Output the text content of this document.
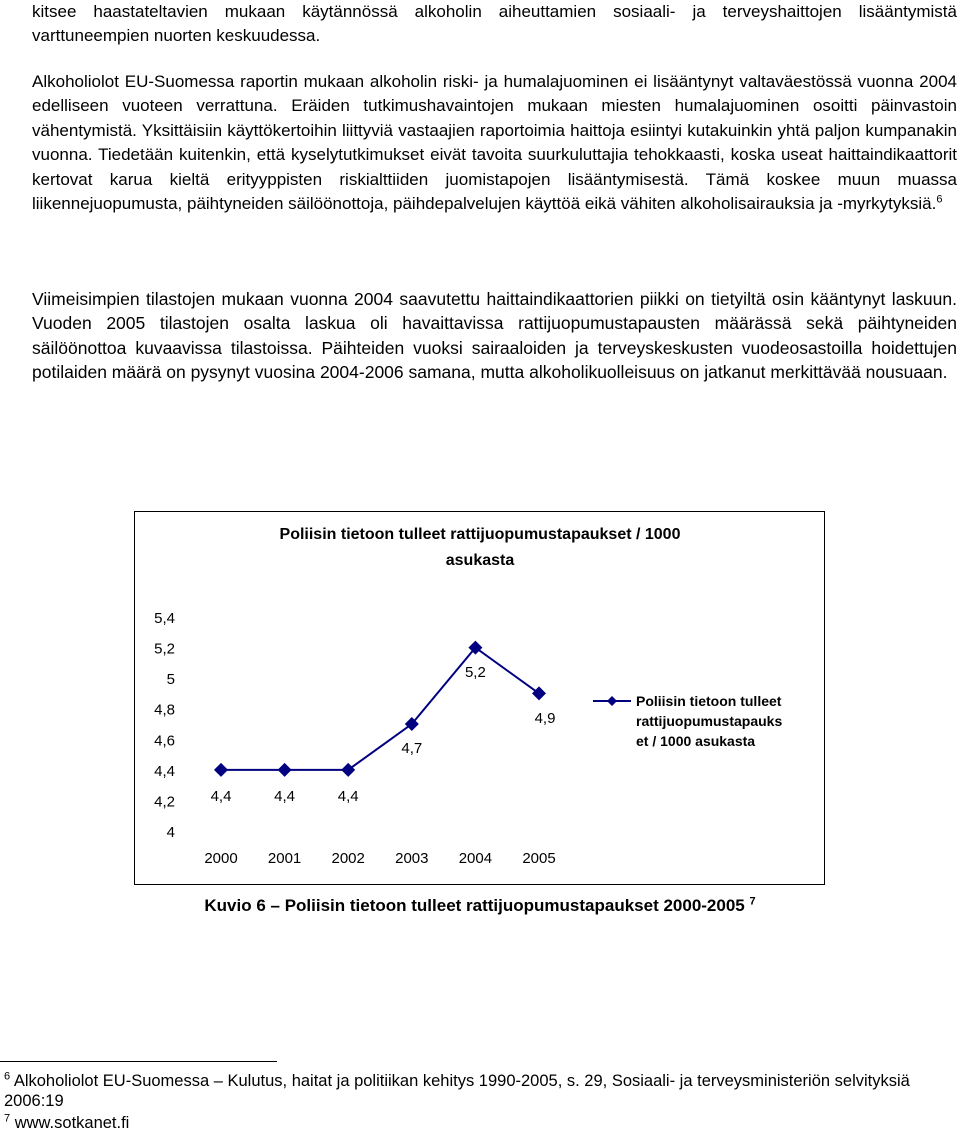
kitsee haastateltavien mukaan käytännössä alkoholin aiheuttamien sosiaali- ja terveyshaittojen lisääntymistä varttuneempien nuorten keskuudessa.
Alkoholiolot EU-Suomessa raportin mukaan alkoholin riski- ja humalajuominen ei lisääntynyt valtaväestössä vuonna 2004 edelliseen vuoteen verrattuna. Eräiden tutkimushavaintojen mukaan miesten humalajuominen osoitti päinvastoin vähentymistä. Yksittäisiin käyttökertoihin liittyviä vastaajien raportoimia haittoja esiintyi kutakuinkin yhtä paljon kumpanakin vuonna. Tiedetään kuitenkin, että kyselytutkimukset eivät tavoita suurkuluttajia tehokkaasti, koska useat haittaindikaattorit kertovat karua kieltä erityyppisten riskialttiiden juomistapojen lisääntymisestä. Tämä koskee muun muassa liikennejuopumusta, päihtyneiden säilöönottoja, päihdepalvelujen käyttöä eikä vähiten alkoholisairauksia ja -myrkytyksiä.$^6$
Viimeisimpien tilastojen mukaan vuonna 2004 saavutettu haittaindikaattorien piikki on tietyiltä osin kääntynyt laskuun. Vuoden 2005 tilastojen osalta laskua oli havaittavissa rattijuopumustapausten määrässä sekä päihtyneiden säilöönottoa kuvaavissa tilastoissa. Päihteiden vuoksi sairaaloiden ja terveyskeskusten vuodeosastoilla hoidettujen potilaiden määrä on pysynyt vuosina 2004-2006 samana, mutta alkoholikuolleisuus on jatkanut merkittävää nousuaan.
Poliisin tietoon tulleet rattijuopumustapaukset / 1000
asukasta
5,4
5,2
5
4,8
4,6
4,4
4,2
4
2000 2001 2002 2003 2004 2005
4,4	4,4	4,4
4,7
5,2
4,9
Poliisin tietoon tulleet
rattijuopumustapauks
et / 1000 asukasta
Kuvio 6 – Poliisin tietoon tulleet rattijuopumustapaukset 2000-2005 $^7$
$^6$ Alkoholiolot EU-Suomessa – Kulutus, haitat ja politiikan kehitys 1990-2005, s. 29, Sosiaali- ja terveysministeriön selvityksiä 2006:19
$^7$ www.sotkanet.fi
